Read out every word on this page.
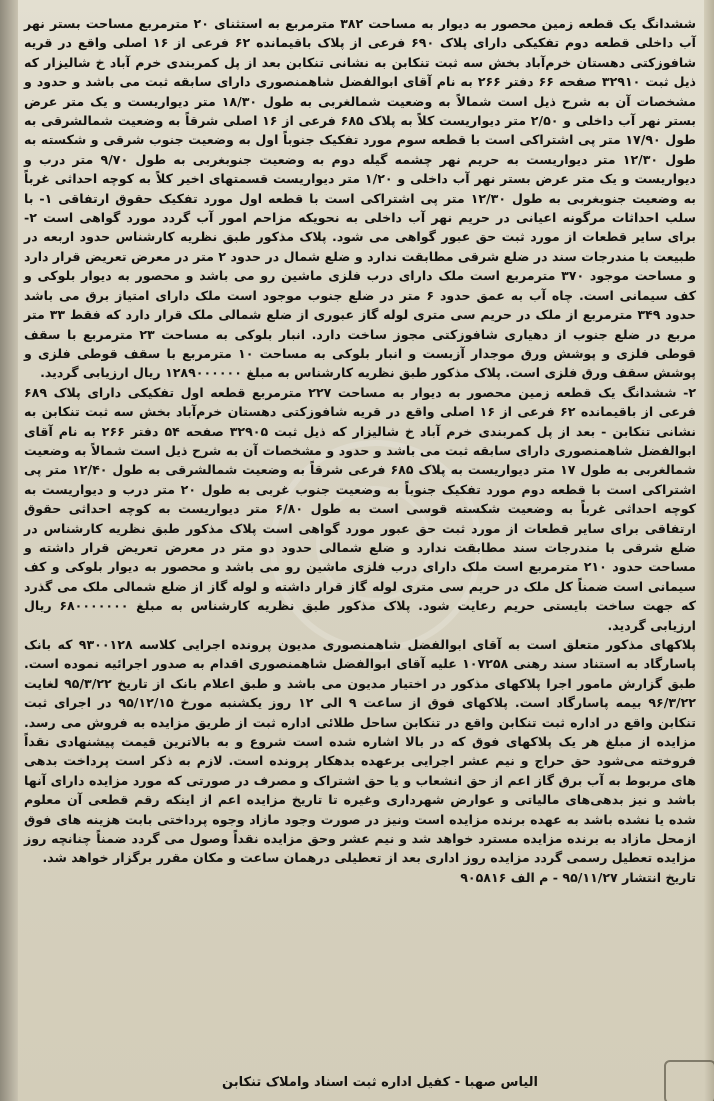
ششدانگ یک قطعه زمین محصور به دیوار به مساحت ۳۸۲ مترمربع به استثنای ۲۰ مترمربع مساحت بستر نهر آب داخلی قطعه دوم تفکیکی دارای پلاک ۶۹۰ فرعی از پلاک باقیمانده ۶۲ فرعی از ۱۶ اصلی واقع در قریه شافوزکتی دهستان خرم‌آباد بخش سه ثبت تنکابن به نشانی تنکابن بعد از پل کمربندی خرم آباد خ شالیزار که ذیل ثبت ۳۲۹۱۰ صفحه ۶۶ دفتر ۲۶۶ به نام آقای ابوالفضل شاهمنصوری دارای سابقه ثبت می باشد و حدود و مشخصات آن به شرح ذیل است شمالاً به وضعیت شمالغربی به طول ۱۸/۳۰ متر دیواریست و یک متر عرض بستر نهر آب داخلی و ۲/۵۰ متر دیواریست کلاً به پلاک ۶۸۵ فرعی از ۱۶ اصلی شرقاً به وضعیت شمالشرقی به طول ۱۷/۹۰ متر پی اشتراکی است با قطعه سوم مورد تفکیک جنوباً اول به وضعیت جنوب شرقی و شکسته به طول ۱۲/۳۰ متر دیواریست به حریم نهر چشمه گیله دوم به وضعیت جنوبغربی به طول ۹/۷۰ متر درب و دیواریست و یک متر عرض بستر نهر آب داخلی و ۱/۲۰ متر دیواریست قسمتهای اخیر کلاً به کوچه احداثی غرباً به وضعیت جنوبغربی به طول ۱۲/۳۰ متر پی اشتراکی است با قطعه اول مورد تفکیک حقوق ارتفاقی ۱- با سلب احداثات مرگونه اعیانی در حریم نهر آب داخلی به نحویکه مزاحم امور آب گردد مورد گواهی است ۲- برای سایر قطعات از مورد ثبت حق عبور گواهی می شود. پلاک مذکور طبق نظریه کارشناس حدود اربعه در طبیعت با مندرجات سند در ضلع شرقی مطابقت ندارد و ضلع شمال در حدود ۲ متر در معرض تعریض قرار دارد و مساحت موجود ۳۷۰ مترمربع است ملک دارای درب فلزی ماشین رو می باشد و محصور به دیوار بلوکی و کف سیمانی است. چاه آب به عمق حدود ۶ متر در ضلع جنوب موجود است ملک دارای امتیاز برق می باشد حدود ۳۴۹ مترمربع از ملک در حریم سی متری لوله گاز عبوری از ضلع شمالی ملک قرار دارد که فقط ۳۳ متر مربع در ضلع جنوب از دهیاری شافوزکتی مجوز ساخت دارد. انبار بلوکی به مساحت ۲۳ مترمربع با سقف قوطی فلزی و پوشش ورق موجدار آزبست و انبار بلوکی به مساحت ۱۰ مترمربع با سقف قوطی فلزی و پوشش سقف ورق فلزی است. پلاک مذکور طبق نظریه کارشناس به مبلغ ۱۲۸۹۰۰۰۰۰۰ ریال ارزیابی گردید.

۲- ششدانگ یک قطعه زمین محصور به دیوار به مساحت ۲۲۷ مترمربع قطعه اول تفکیکی دارای پلاک ۶۸۹ فرعی از باقیمانده ۶۲ فرعی از ۱۶ اصلی واقع در قریه شافوزکتی دهستان خرم‌آباد بخش سه ثبت تنکابن به نشانی تنکابن - بعد از پل کمربندی خرم آباد خ شالیزار که ذیل ثبت ۳۲۹۰۵ صفحه ۵۴ دفتر ۲۶۶ به نام آقای ابوالفضل شاهمنصوری دارای سابقه ثبت می باشد و حدود و مشخصات آن به شرح ذیل است شمالاً به وضعیت شمالغربی به طول ۱۷ متر دیواریست به پلاک ۶۸۵ فرعی شرقاً به وضعیت شمالشرقی به طول ۱۲/۴۰ متر پی اشتراکی است با قطعه دوم مورد تفکیک جنوباً به وضعیت جنوب غربی به طول ۲۰ متر درب و دیواریست به کوچه احداثی غرباً به وضعیت شکسته قوسی است به طول ۶/۸۰ متر دیواریست به کوچه احداثی حقوق ارتفاقی برای سایر قطعات از مورد ثبت حق عبور مورد گواهی است پلاک مذکور طبق نظریه کارشناس در ضلع شرقی با مندرجات سند مطابقت ندارد و ضلع شمالی حدود دو متر در معرض تعریض قرار داشته و مساحت حدود ۲۱۰ مترمربع است ملک دارای درب فلزی ماشین رو می باشد و محصور به دیوار بلوکی و کف سیمانی است ضمناً کل ملک در حریم سی متری لوله گاز قرار داشته و لوله گاز از ضلع شمالی ملک می گذرد که جهت ساخت بایستی حریم رعایت شود. پلاک مذکور طبق نظریه کارشناس به مبلغ ۶۸۰۰۰۰۰۰۰ ریال ارزیابی گردید.

پلاکهای مذکور متعلق است به آقای ابوالفضل شاهمنصوری مدیون پرونده اجرایی کلاسه ۹۳۰۰۱۲۸ که بانک پاسارگاد به استناد سند رهنی ۱۰۷۲۵۸ علیه آقای ابوالفضل شاهمنصوری اقدام به صدور اجرائیه نموده است. طبق گزارش مامور اجرا پلاکهای مذکور در اختیار مدیون می باشد و طبق اعلام بانک از تاریخ ۹۵/۳/۲۲ لغایت ۹۶/۳/۲۲ بیمه پاسارگاد است. پلاکهای فوق از ساعت ۹ الی ۱۲ روز یکشنبه مورخ ۹۵/۱۲/۱۵ در اجرای ثبت تنکابن واقع در اداره ثبت تنکابن واقع در تنکابن ساحل طلائی اداره ثبت از طریق مزایده به فروش می رسد. مزایده از مبلغ هر یک پلاکهای فوق که در بالا اشاره شده است شروع و به بالاترین قیمت پیشنهادی نقداً فروخته می‌شود حق حراج و نیم عشر اجرایی برعهده بدهکار پرونده است. لازم به ذکر است پرداخت بدهی های مربوط به آب برق گاز اعم از حق انشعاب و یا حق اشتراک و مصرف در صورتی که مورد مزایده دارای آنها باشد و نیز بدهی‌های مالیاتی و عوارض شهرداری وغیره تا تاریخ مزایده اعم از اینکه رقم قطعی آن معلوم شده یا نشده باشد به عهده برنده مزایده است ونیز در صورت وجود مازاد وجوه پرداختی بابت هزینه های فوق ازمحل مازاد به برنده مزایده مسترد خواهد شد و نیم عشر وحق مزایده نقداً وصول می گردد ضمناً چنانچه روز مزایده تعطیل رسمی گردد مزایده روز اداری بعد از تعطیلی درهمان ساعت و مکان مقرر برگزار خواهد شد.

تاریخ انتشار ۹۵/۱۱/۲۷ - م الف ۹۰۵۸۱۶

الیاس صهبا - کفیل اداره ثبت اسناد واملاک تنکابن
